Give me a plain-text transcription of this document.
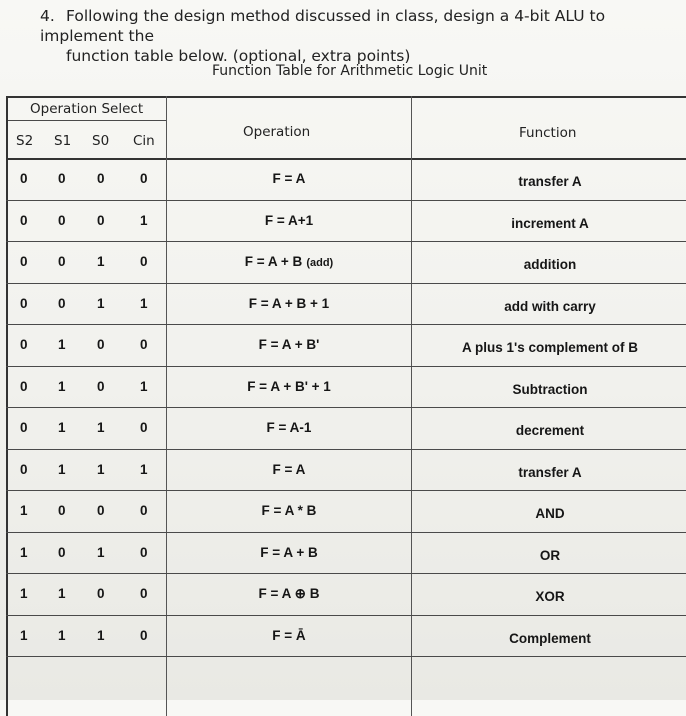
4. Following the design method discussed in class, design a 4-bit ALU to implement the
function table below. (optional, extra points)
Function Table for Arithmetic Logic Unit
Operation Select
S2 S1 S0 Cin
Operation	Function
0 0 0	0	F = A	transfer A
0 0 0	1	F = A+1	increment A
0 0 1	0	F = A + B (add)	addition
0 0 1	1	F = A + B + 1	add with carry
0 1 0	0	F = A + B'	A plus 1's complement of B
0 1 0	1	F = A + B' + 1	Subtraction
0 1 1	0	F = A-1	decrement
0 1 1	1	F = A	transfer A
1 0 0	0	F = A * B	AND
1 0 1	0	F = A + B	OR
1 1 0	0	F = A ⊕ B	XOR
1 1 1	0	F = Ā	Complement
